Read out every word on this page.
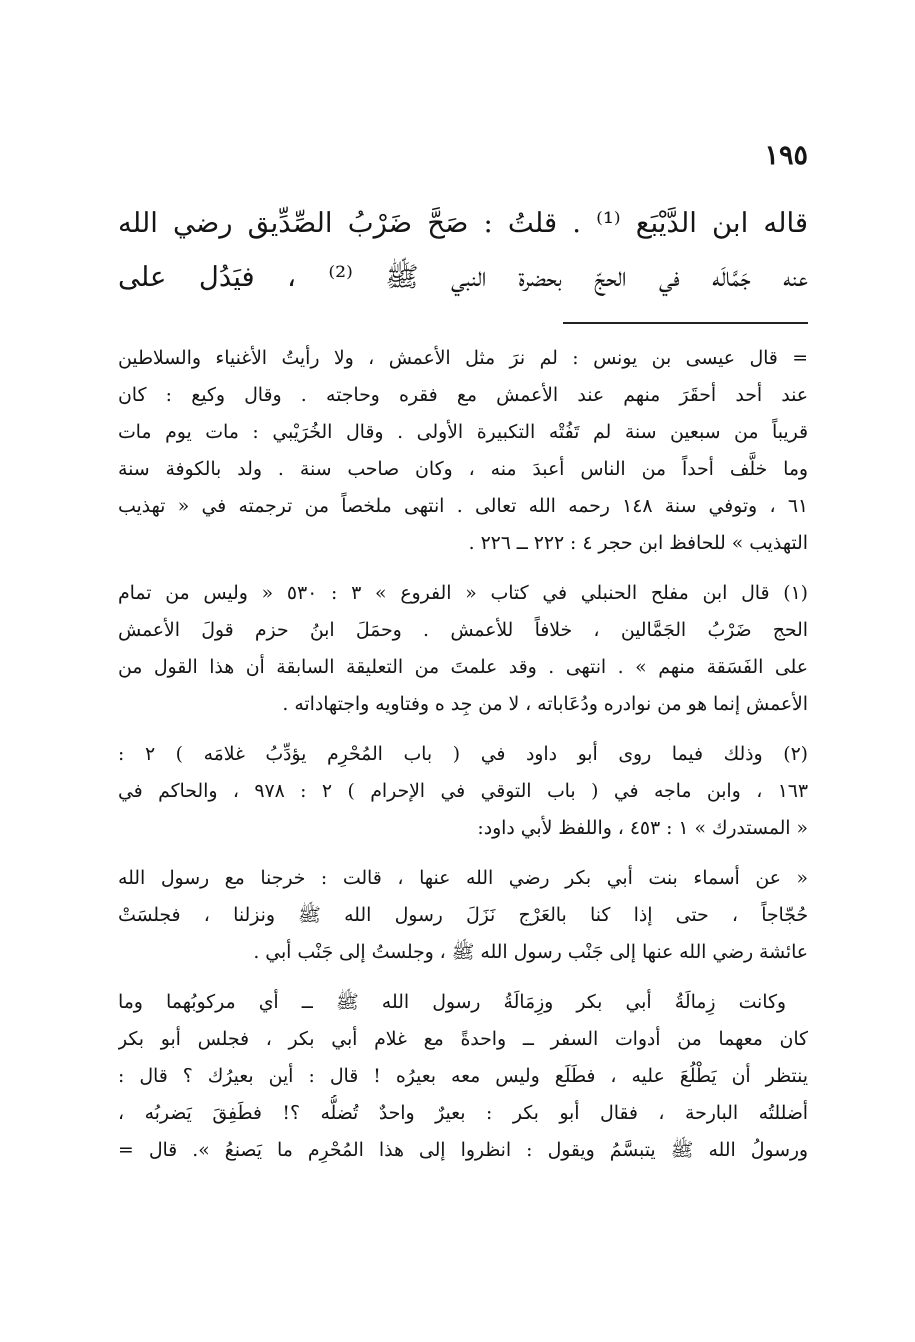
١٩٥
قاله ابن الدَّيْبَع ⁽¹⁾ . قلتُ : صَحَّ ضَرْبُ الصِّدِّيق رضي الله
عنه جَمَّالَه في الحجّ بحضرة النبي ﷺ ⁽²⁾ ، فيَدُل على
= قال عيسى بن يونس : لم نرَ مثل الأعمش ، ولا رأيتُ الأغنياء والسلاطين
عند أحد أحقَرَ منهم عند الأعمش مع فقره وحاجته . وقال وكيع : كان
قريباً من سبعين سنة لم تَفُتْه التكبيرة الأولى . وقال الخُرَيْبي : مات يوم مات
وما خلَّف أحداً من الناس أعبدَ منه ، وكان صاحب سنة . ولد بالكوفة سنة
٦١ ، وتوفي سنة ١٤٨ رحمه الله تعالى . انتهى ملخصاً من ترجمته في « تهذيب
التهذيب » للحافظ ابن حجر ٤ : ٢٢٢ ــ ٢٢٦ .
(١) قال ابن مفلح الحنبلي في كتاب « الفروع » ٣ : ٥٣٠ « وليس من تمام
الحج ضَرْبُ الجَمَّالين ، خلافاً للأعمش . وحمَلَ ابنُ حزم قولَ الأعمش
على الفَسَقة منهم » . انتهى . وقد علمتَ من التعليقة السابقة أن هذا القول من
الأعمش إنما هو من نوادره ودُعَاباته ، لا من جِد ه وفتاويه واجتهاداته .
(٢) وذلك فيما روى أبو داود في ( باب المُحْرِم يؤدِّبُ غلامَه ) ٢ :
١٦٣ ، وابن ماجه في ( باب التوقي في الإحرام ) ٢ : ٩٧٨ ، والحاكم في
« المستدرك » ١ : ٤٥٣ ، واللفظ لأبي داود:
« عن أسماء بنت أبي بكر رضي الله عنها ، قالت : خرجنا مع رسول الله
حُجّاجاً ، حتى إذا كنا بالعَرْج نَزَلَ رسول الله ﷺ ونزلنا ، فجلسَتْ
عائشة رضي الله عنها إلى جَنْب رسول الله ﷺ ، وجلستُ إلى جَنْب أبي .
وكانت زِمالَةُ أبي بكر وزِمَالَةُ رسول الله ﷺ ــ أي مركوبُهما وما
كان معهما من أدوات السفر ــ واحدةً مع غلام أبي بكر ، فجلس أبو بكر
ينتظر أن يَطْلُعَ عليه ، فطَلَع وليس معه بعيرُه ! قال : أين بعيرُك ؟ قال :
أضللتُه البارحة ، فقال أبو بكر : بعيرٌ واحدٌ تُضلُّه ؟! فطَفِقَ يَضربُه ،
ورسولُ الله ﷺ يتبسَّمُ ويقول : انظروا إلى هذا المُحْرِم ما يَصنعُ ». قال =
